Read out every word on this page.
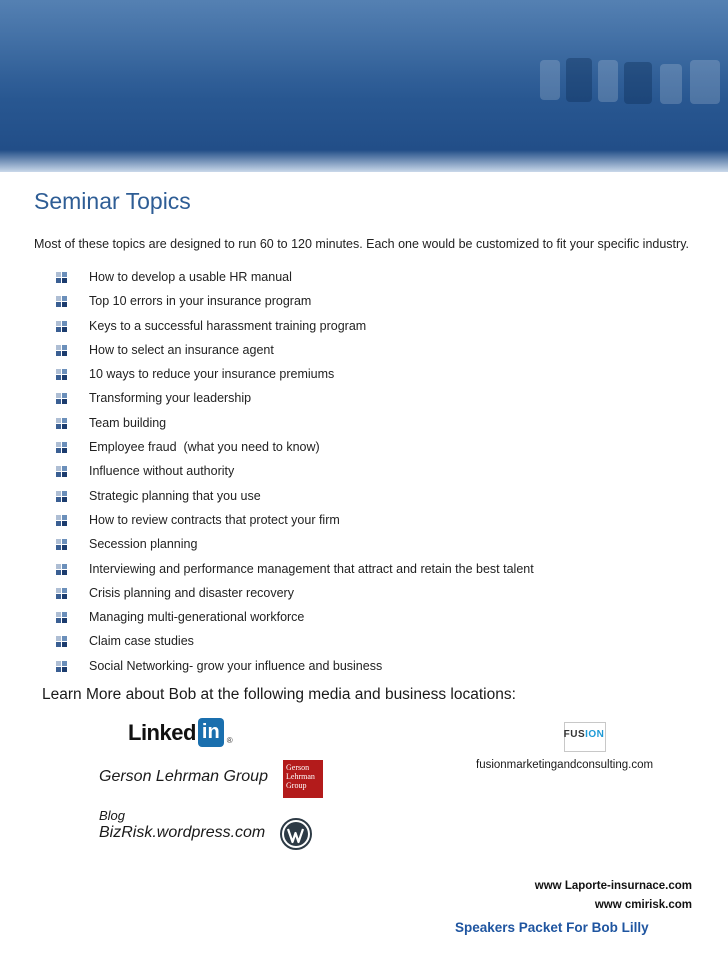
Seminar Topics
Most of these topics are designed to run 60 to 120 minutes. Each one would be customized to fit your specific industry.
How to develop a usable HR manual
Top 10 errors in your insurance program
Keys to a successful harassment training program
How to select an insurance agent
10 ways to reduce your insurance premiums
Transforming your leadership
Team building
Employee fraud  (what you need to know)
Influence without authority
Strategic planning that you use
How to review contracts that protect your firm
Secession planning
Interviewing and performance management that attract and retain the best talent
Crisis planning and disaster recovery
Managing multi-generational workforce
Claim case studies
Social Networking- grow your influence and business
Learn More about Bob at the following media and business locations:
Linked in ®
Gerson Lehrman Group
Gerson
Lehrman
Group
Blog
BizRisk.wordpress.com
FUSION
fusionmarketingandconsulting.com
www Laporte-insurnace.com
www cmirisk.com
Speakers Packet For Bob Lilly
